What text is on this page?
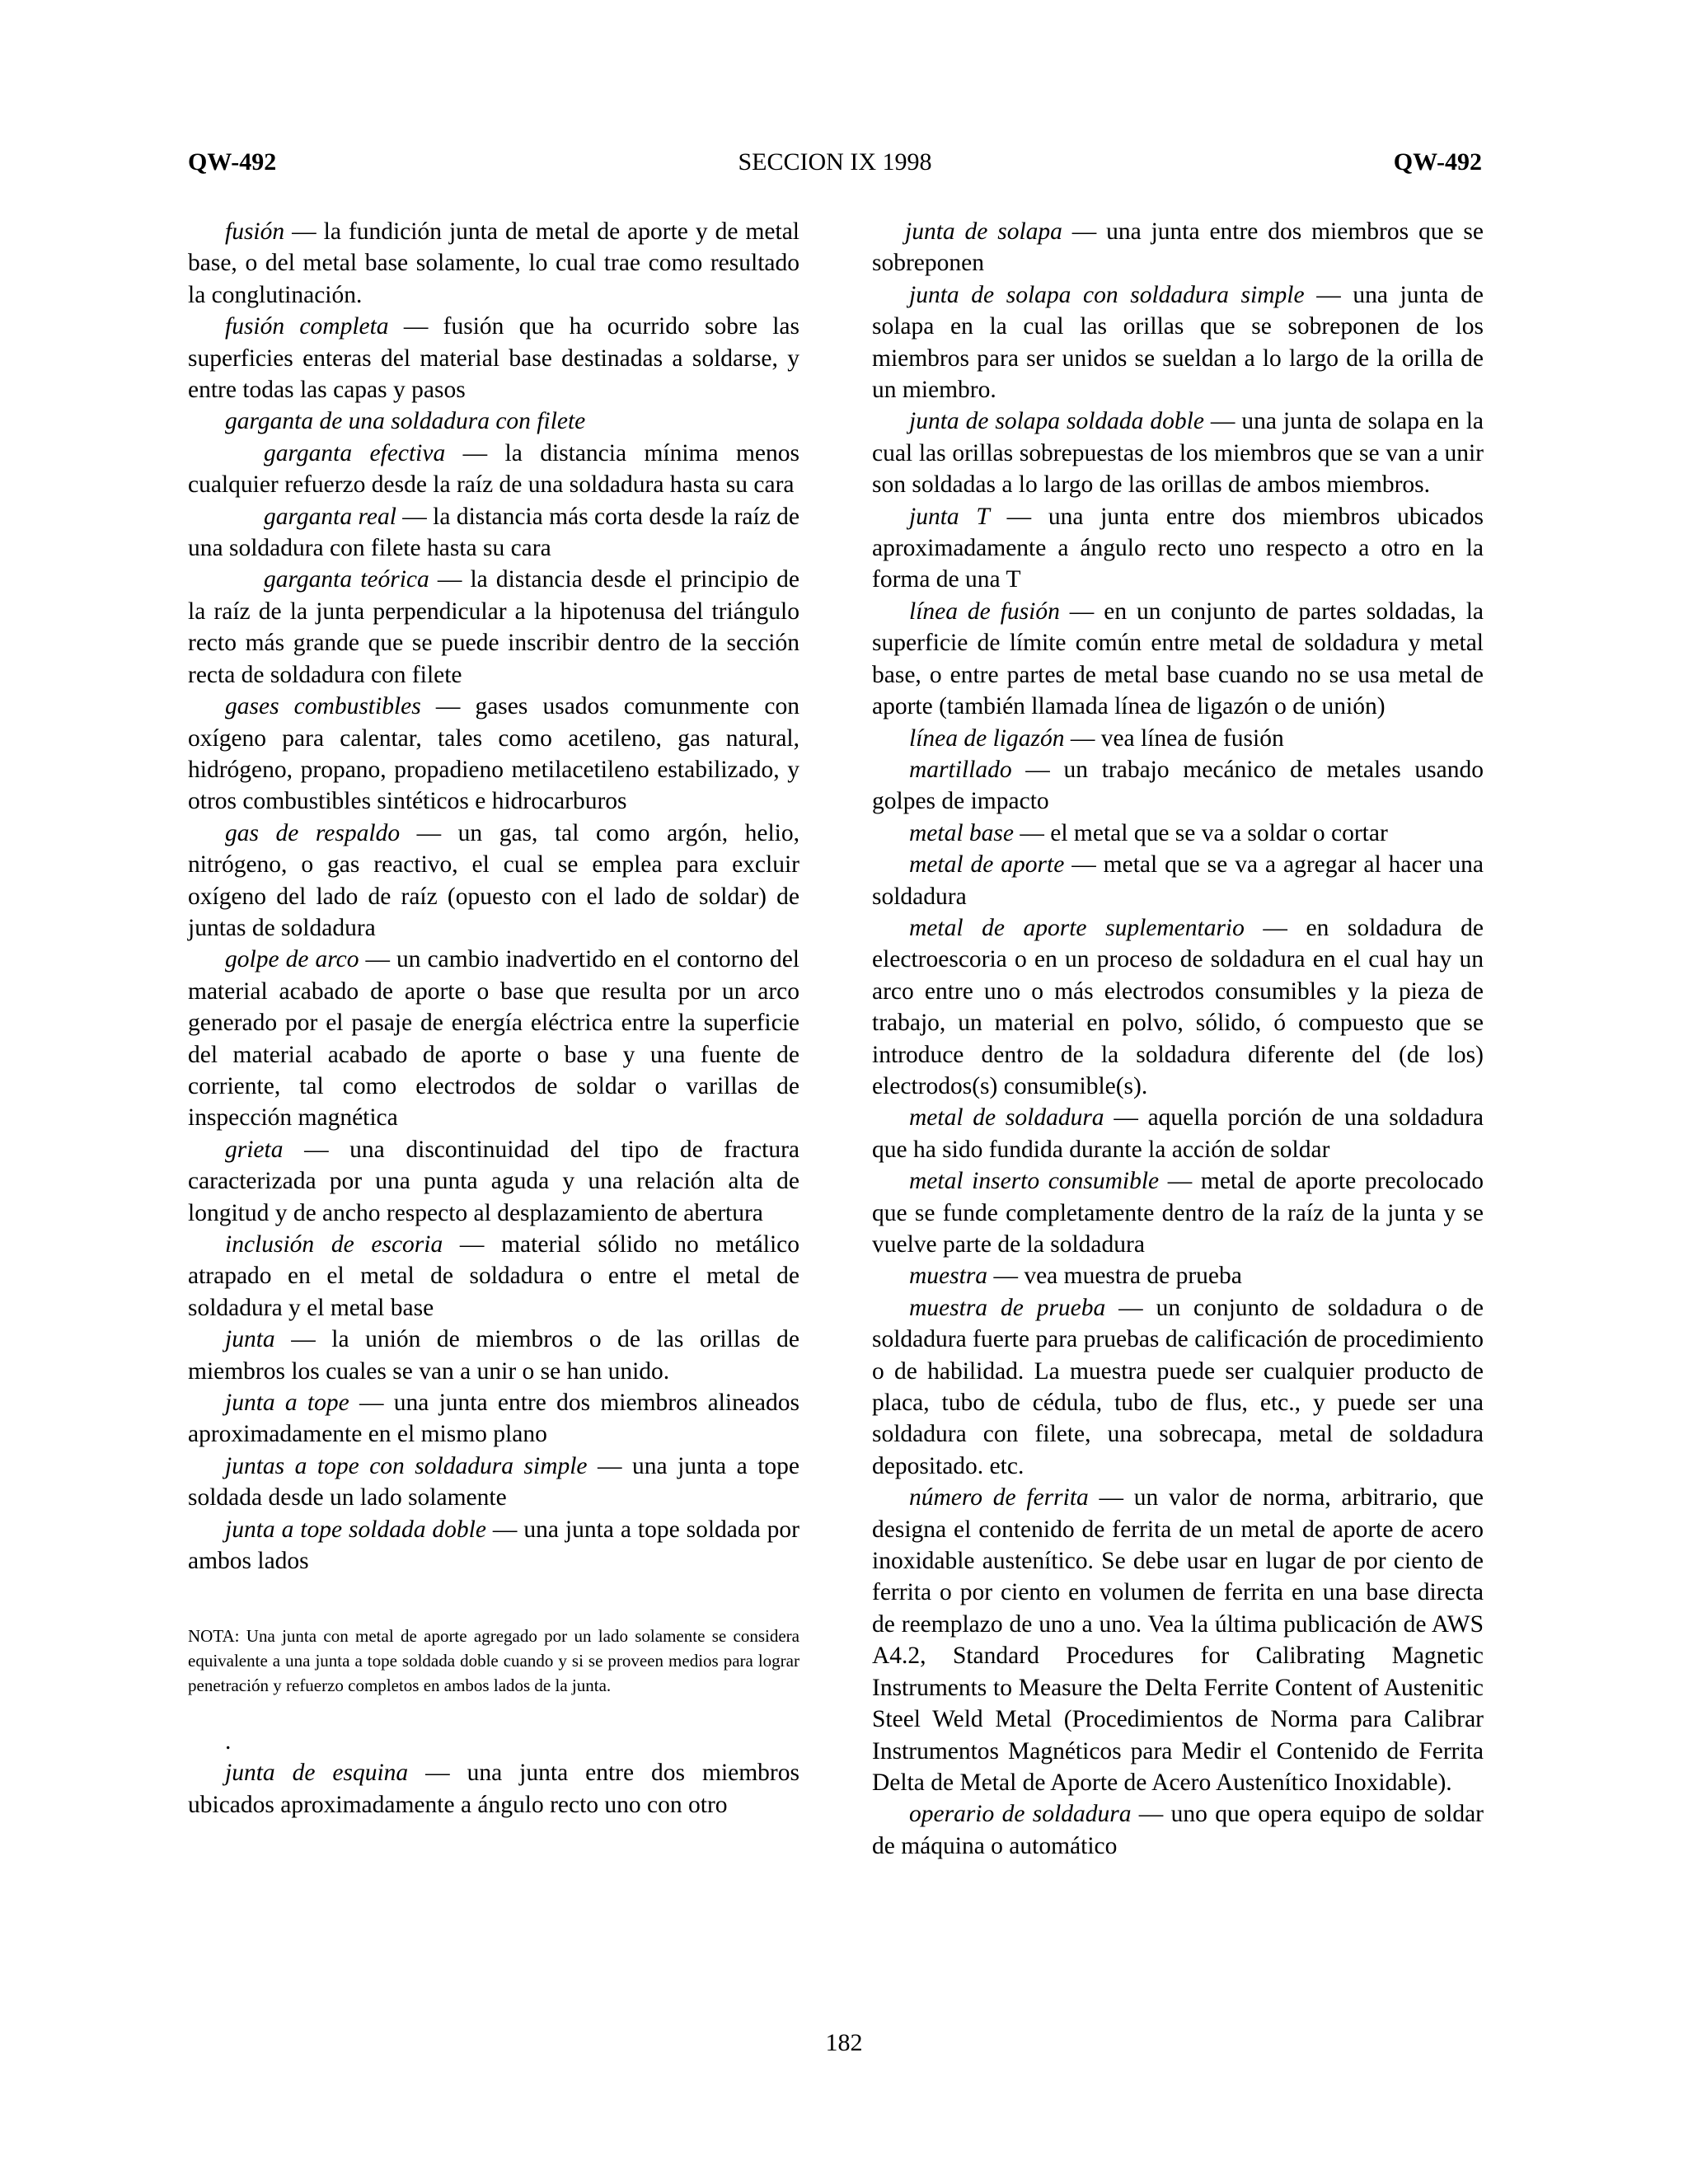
QW-492	SECCION IX 1998	QW-492

fusión — la fundición junta de metal de aporte y de metal base, o del metal base solamente, lo cual trae como resultado la conglutinación.

fusión completa — fusión que ha ocurrido sobre las superficies enteras del material base destinadas a soldarse, y entre todas las capas y pasos

garganta de una soldadura con filete

garganta efectiva — la distancia mínima menos cualquier refuerzo desde la raíz de una soldadura hasta su cara

garganta real — la distancia más corta desde la raíz de una soldadura con filete hasta su cara

garganta teórica — la distancia desde el principio de la raíz de la junta perpendicular a la hipotenusa del triángulo recto más grande que se puede inscribir dentro de la sección recta de soldadura con filete

gases combustibles — gases usados comunmente con oxígeno para calentar, tales como acetileno, gas natural, hidrógeno, propano, propadieno metilacetileno estabilizado, y otros combustibles sintéticos e hidrocarburos

gas de respaldo — un gas, tal como argón, helio, nitrógeno, o gas reactivo, el cual se emplea para excluir oxígeno del lado de raíz (opuesto con el lado de soldar) de juntas de soldadura

golpe de arco — un cambio inadvertido en el contorno del material acabado de aporte o base que resulta por un arco generado por el pasaje de energía eléctrica entre la superficie del material acabado de aporte o base y una fuente de corriente, tal como electrodos de soldar o varillas de inspección magnética

grieta — una discontinuidad del tipo de fractura caracterizada por una punta aguda y una relación alta de longitud y de ancho respecto al desplazamiento de abertura

inclusión de escoria — material sólido no metálico atrapado en el metal de soldadura o entre el metal de soldadura y el metal base

junta — la unión de miembros o de las orillas de miembros los cuales se van a unir o se han unido.

junta a tope — una junta entre dos miembros alineados aproximadamente en el mismo plano

juntas a tope con soldadura simple — una junta a tope soldada desde un lado solamente

junta a tope soldada doble — una junta a tope soldada por ambos lados

NOTA: Una junta con metal de aporte agregado por un lado solamente se considera equivalente a una junta a tope soldada doble cuando y si se proveen medios para lograr penetración y refuerzo completos en ambos lados de la junta.

.

junta de esquina — una junta entre dos miembros ubicados aproximadamente a ángulo recto uno con otro

junta de solapa — una junta entre dos miembros que se sobreponen

junta de solapa con soldadura simple — una junta de solapa en la cual las orillas que se sobreponen de los miembros para ser unidos se sueldan a lo largo de la orilla de un miembro.

junta de solapa soldada doble — una junta de solapa en la cual las orillas sobrepuestas de los miembros que se van a unir son soldadas a lo largo de las orillas de ambos miembros.

junta T — una junta entre dos miembros ubicados aproximadamente a ángulo recto uno respecto a otro en la forma de una T

línea de fusión — en un conjunto de partes soldadas, la superficie de límite común entre metal de soldadura y metal base, o entre partes de metal base cuando no se usa metal de aporte (también llamada línea de ligazón o de unión)

línea de ligazón — vea línea de fusión

martillado — un trabajo mecánico de metales usando golpes de impacto

metal base — el metal que se va a soldar o cortar

metal de aporte — metal que se va a agregar al hacer una soldadura

metal de aporte suplementario — en soldadura de electroescoria o en un proceso de soldadura en el cual hay un arco entre uno o más electrodos consumibles y la pieza de trabajo, un material en polvo, sólido, ó compuesto que se introduce dentro de la soldadura diferente del (de los) electrodos(s) consumible(s).

metal de soldadura — aquella porción de una soldadura que ha sido fundida durante la acción de soldar

metal inserto consumible — metal de aporte precolocado que se funde completamente dentro de la raíz de la junta y se vuelve parte de la soldadura

muestra — vea muestra de prueba

muestra de prueba — un conjunto de soldadura o de soldadura fuerte para pruebas de calificación de procedimiento o de habilidad. La muestra puede ser cualquier producto de placa, tubo de cédula, tubo de flus, etc., y puede ser una soldadura con filete, una sobrecapa, metal de soldadura depositado. etc.

número de ferrita — un valor de norma, arbitrario, que designa el contenido de ferrita de un metal de aporte de acero inoxidable austenítico. Se debe usar en lugar de por ciento de ferrita o por ciento en volumen de ferrita en una base directa de reemplazo de uno a uno. Vea la última publicación de AWS A4.2, Standard Procedures for Calibrating Magnetic Instruments to Measure the Delta Ferrite Content of Austenitic Steel Weld Metal (Procedimientos de Norma para Calibrar Instrumentos Magnéticos para Medir el Contenido de Ferrita Delta de Metal de Aporte de Acero Austenítico Inoxidable).

operario de soldadura — uno que opera equipo de soldar de máquina o automático

182
